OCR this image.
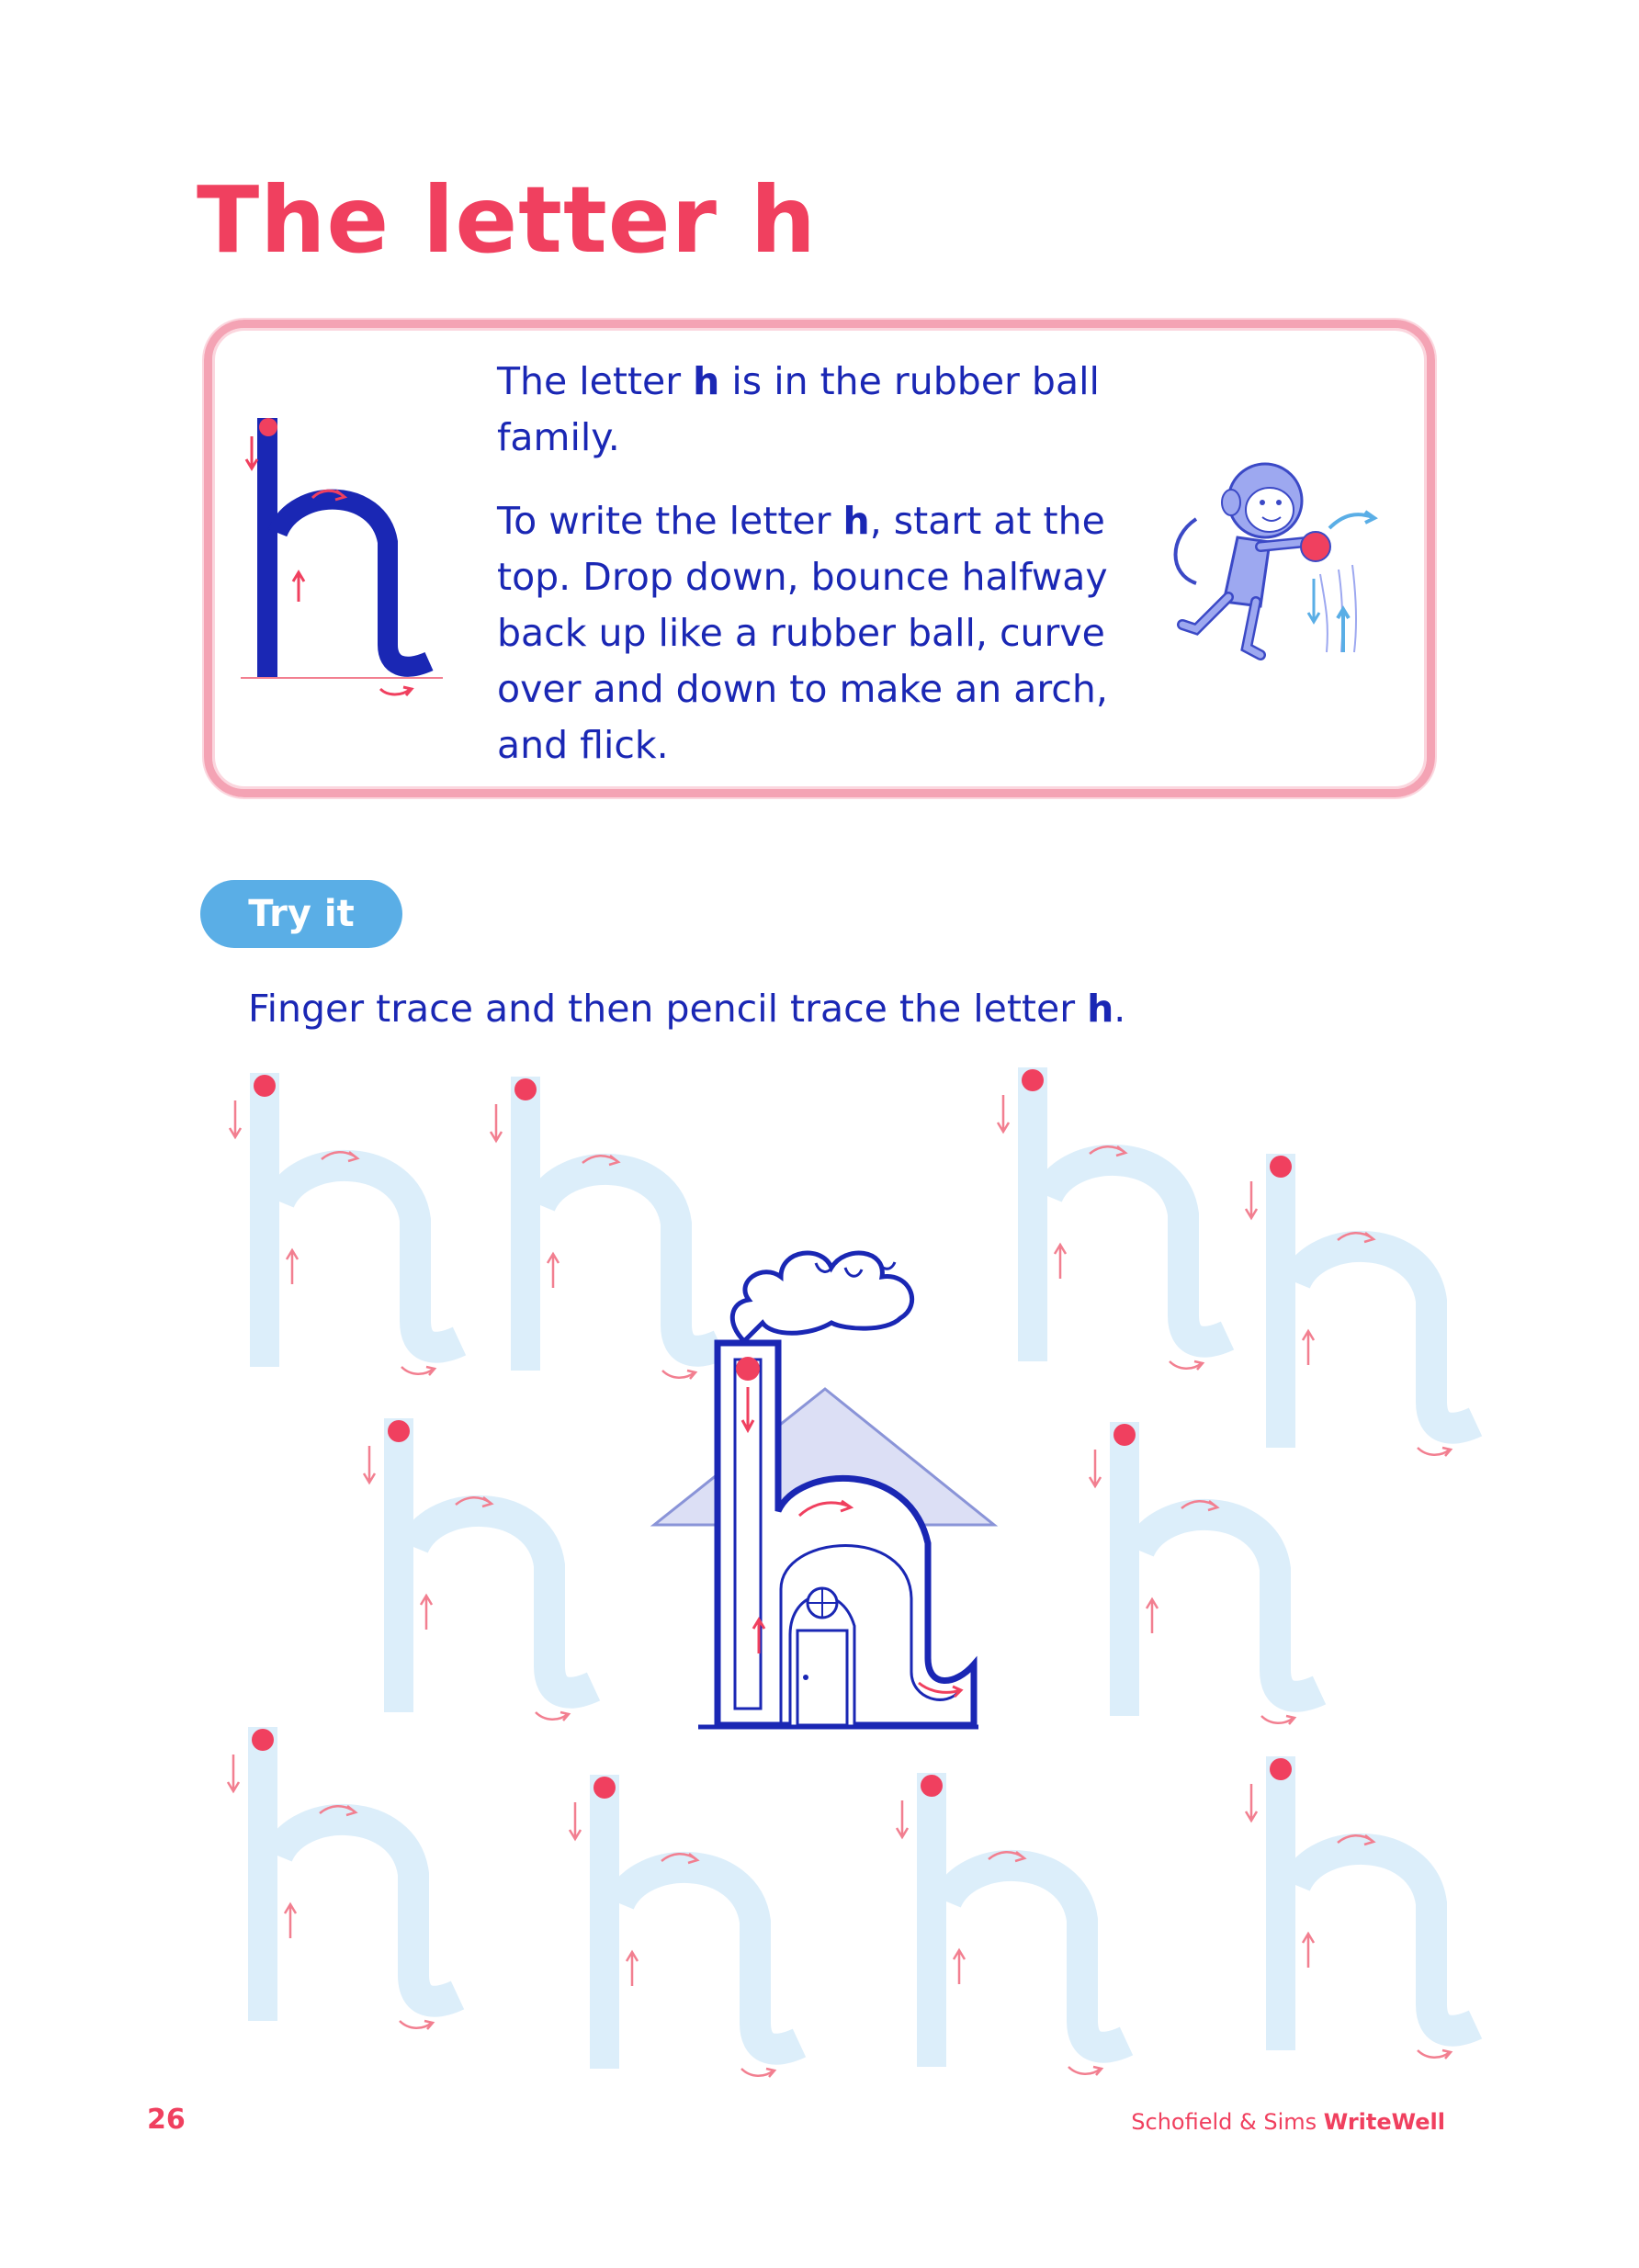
The letter h

The letter h is in the rubber ball family.

To write the letter h, start at the top. Drop down, bounce halfway back up like a rubber ball, curve over and down to make an arch, and flick.

Try it
Finger trace and then pencil trace the letter h.
26	Schofield & Sims WriteWell
